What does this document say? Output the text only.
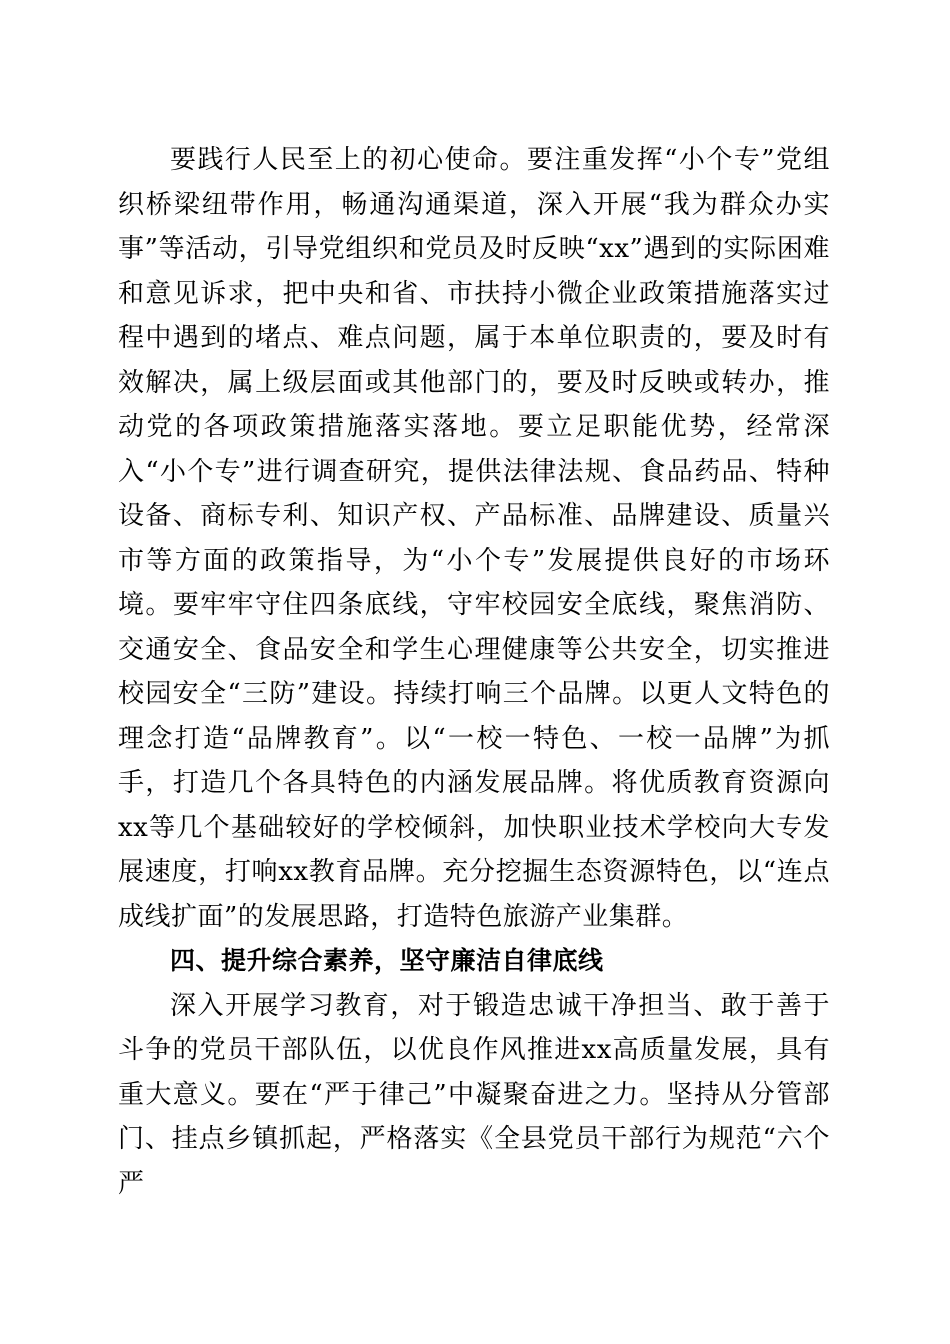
要践行人民至上的初心使命。要注重发挥“小个专”党组织桥梁纽带作用，畅通沟通渠道，深入开展“我为群众办实事”等活动，引导党组织和党员及时反映“xx”遇到的实际困难和意见诉求，把中央和省、市扶持小微企业政策措施落实过程中遇到的堵点、难点问题，属于本单位职责的，要及时有效解决，属上级层面或其他部门的，要及时反映或转办，推动党的各项政策措施落实落地。要立足职能优势，经常深入“小个专”进行调查研究，提供法律法规、食品药品、特种设备、商标专利、知识产权、产品标准、品牌建设、质量兴市等方面的政策指导，为“小个专”发展提供良好的市场环境。要牢牢守住四条底线，守牢校园安全底线，聚焦消防、交通安全、食品安全和学生心理健康等公共安全，切实推进校园安全“三防”建设。持续打响三个品牌。以更人文特色的理念打造“品牌教育”。以“一校一特色、一校一品牌”为抓手，打造几个各具特色的内涵发展品牌。将优质教育资源向xx等几个基础较好的学校倾斜，加快职业技术学校向大专发展速度，打响xx教育品牌。充分挖掘生态资源特色，以“连点成线扩面”的发展思路，打造特色旅游产业集群。

四、提升综合素养，坚守廉洁自律底线

深入开展学习教育，对于锻造忠诚干净担当、敢于善于斗争的党员干部队伍，以优良作风推进xx高质量发展，具有重大意义。要在“严于律己”中凝聚奋进之力。坚持从分管部门、挂点乡镇抓起，严格落实《全县党员干部行为规范“六个严
